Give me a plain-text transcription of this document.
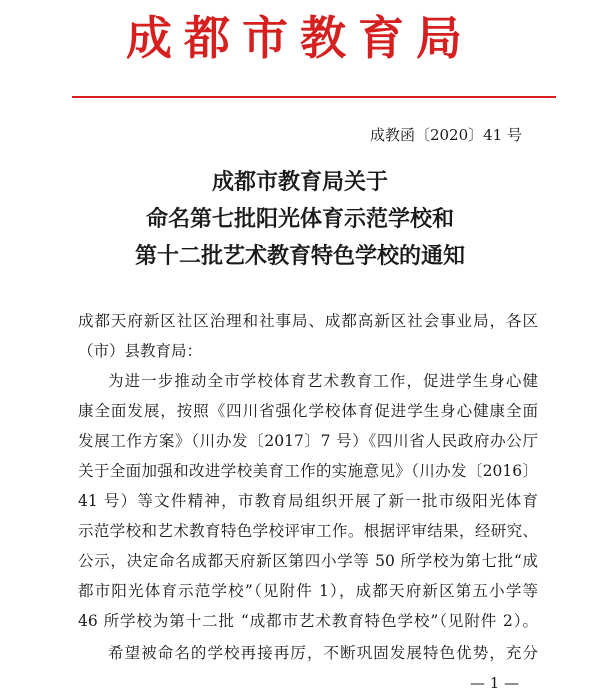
成都市教育局
成教函〔2020〕41 号
成都市教育局关于
命名第七批阳光体育示范学校和
第十二批艺术教育特色学校的通知
成都天府新区社区治理和社事局、成都高新区社会事业局，各区
（市）县教育局：
为进一步推动全市学校体育艺术教育工作，促进学生身心健
康全面发展，按照《四川省强化学校体育促进学生身心健康全面
发展工作方案》（川办发〔2017〕7 号）《四川省人民政府办公厅
关于全面加强和改进学校美育工作的实施意见》（川办发〔2016〕
41 号）等文件精神，市教育局组织开展了新一批市级阳光体育
示范学校和艺术教育特色学校评审工作。根据评审结果，经研究、
公示，决定命名成都天府新区第四小学等 50 所学校为第七批“成
都市阳光体育示范学校”（见附件 1），成都天府新区第五小学等
46 所学校为第十二批 “成都市艺术教育特色学校”（见附件 2）。
希望被命名的学校再接再厉，不断巩固发展特色优势，充分
— 1 —
